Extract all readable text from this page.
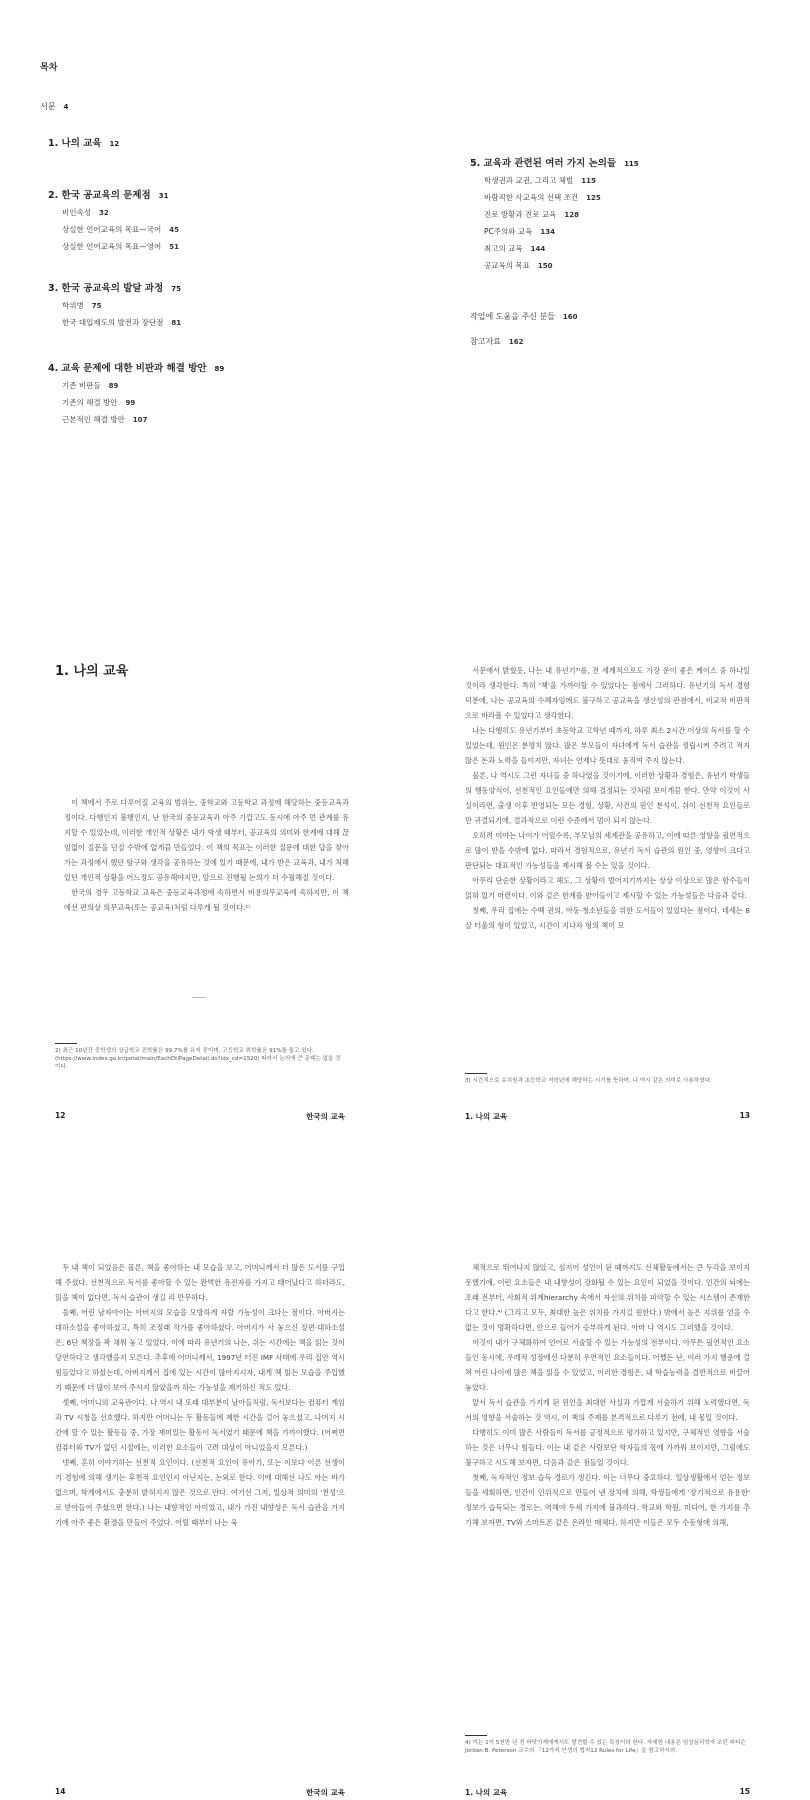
목차
서문 4
1. 나의 교육 12
2. 한국 공교육의 문제점 31
비인속성 32
상실한 언어교육의 목표—국어 45
상실한 언어교육의 목표—영어 51
3. 한국 공교육의 발달 과정 75
학위병 75
한국 대입제도의 발전과 장단점 81
4. 교육 문제에 대한 비판과 해결 방안 89
기존 비판들 89
기존의 해결 방안 99
근본적인 해결 방안 107
5. 교육과 관련된 여러 가지 논의들 115
학생권과 교권, 그리고 체벌 115
바람직한 사교육의 선택 조건 125
진로 방황과 진로 교육 128
PC주의와 교육 134
최고의 교육 144
공교육의 목표 150
작업에 도움을 주신 분들 160
참고자료 162
1. 나의 교육

이 책에서 주로 다루어질 교육의 범위는, 중학교와 고등학교 과정에 해당하는 중등교육과정이다. 다행인지 불행인지, 난 한국의 중등교육과 아주 가깝고도 동시에 아주 먼 관계를 유지할 수 있었는데, 이러한 개인적 상황은 내가 학생 때부터, 공교육의 의미와 한계에 대해 끊임없이 질문을 던질 수밖에 없게끔 만들었다. 이 책의 목표는 이러한 질문에 대한 답을 찾아가는 과정에서 했던 탐구와 생각을 공유하는 것에 있기 때문에, 내가 받은 교육과, 내가 처해 있던 개인적 상황을 어느정도 공유해야지만, 앞으로 진행될 논의가 더 수월해질 것이다.

한국의 경우 고등학교 교육은 중등교육과정에 속하면서 비용의무교육에 속하지만, 이 책에선 편의상 의무교육(또는 공교육)처럼 다루게 될 것이다.²⁾

2) 최근 10년간 중학생의 상급학교 진학률은 99.7%를 유지 중이며, 고등학교 취학률은 91%를 돌고 있다. (https://www.index.go.kr/potal/main/EachDtlPageDetail.do?idx_cd=1520) 따라서 논의에 큰 문제는 없을 것이다.
12	한국의 교육

서문에서 밝혔듯, 나는 내 유년기³⁾를, 전 세계적으로도 가장 운이 좋은 케이스 중 하나일 것이라 생각한다. 특히 '책'을 가까이할 수 있었다는 점에서 그러하다. 유년기의 독서 경험 덕분에, 나는 공교육의 수혜자임에도 불구하고 공교육을 생산성의 관점에서, 비교적 비판적으로 바라볼 수 있었다고 생각한다.

나는 다행히도 유년기부터 초등학교 고학년 때까지, 하루 최소 2시간 이상의 독서를 할 수 있었는데, 원인은 분명치 않다. 많은 부모들이 자녀에게 독서 습관을 정립시켜 주려고 적지 않은 돈과 노력을 들이지만, 자녀는 언제나 뜻대로 움직여 주지 않는다.

물론, 나 역시도 그런 자녀들 중 하나였을 것이기에, 이러한 상황과 경험은, 유년기 학생들의 행동양식이, 선천적인 요인들에만 의해 결정되는 것처럼 보이게끔 한다. 만약 이것이 사실이라면, 출생 이후 반영되는 모든 경험, 상황, 사건의 원인 분석이, 쉬이 선천적 요인들로만 귀결되기에, 결과적으로 이런 수준에서 멈이 되지 않는다.

오히려 이야는 나이가 어릴수록, 부모님의 세계관을 공유하고, 이에 따른 영향을 필연적으로 많이 받을 수밖에 없다. 따라서 경험적으로, 유년기 독서 습관의 원인 중, 영향이 크다고 판단되는 대표적인 가능성들을 제시해 볼 수는 있을 것이다.

아무리 단순한 상황이라고 해도, 그 상황이 벌어지기까지는 상상 이상으로 많은 함수들이 얽혀 있기 마련이다. 이와 같은 한계를 받아들이고 제시할 수 있는 가능성들은 다음과 같다.

첫째, 우리 집에는 수백 권의, 아동·청소년들을 위한 도서들이 있었다는 점이다. 네세는 8살 터울의 형이 있었고, 시간이 지나자 형의 책이 모

3) 시간적으로 유치원과 초등학교 저학년에 해당하는 시기를 뜻하며, 나 역시 같은 의미로 사용하였다.
1. 나의 교육	13

두 내 책이 되었음은 물론, 책을 좋아하는 내 모습을 보고, 어머니께서 더 많은 도서를 구입해 주셨다. 선천적으로 독서를 좋아할 수 있는 완벽한 유전자를 가지고 태어났다고 하더라도, 읽을 책이 없다면, 독서 습관이 생길 리 만무하다.

둘째, 어린 남자아이는 아버지의 모습을 모방하게 자랄 가능성이 크다는 점이다. 아버지는 대하소설을 좋아하셨고, 특히 조정래 작가를 좋아하셨다. 아버지가 사 놓으신 장편·대하소설은, 6단 책장을 꽉 채워 놓고 있었다. 이에 따라 유년기의 나는, 쉬는 시간에는 책을 읽는 것이 당연하다고 생각했을지 모른다. 추후에 어머니께서, 1997년 터진 IMF 사태에 우리 집안 역시 힘들었다고 하셨는데, 아버지께서 집에 있는 시간이 많아지시자, 내게 책 읽는 모습을 주입했기 때문에 더 많이 보여 주시지 않았을까 하는 가능성을 제기하신 적도 있다.

셋째, 어머니의 교육관이다. 나 역시 내 또래 대부분이 남아들처럼, 독서보다는 컴퓨터 게임과 TV 시청을 선호했다. 하지만 어머니는 두 활동들에 제한 시간을 걸어 놓으셨고, 나머지 시간에 할 수 있는 활동들 중, 가장 재미있는 활동이 독서였기 때문에 책을 가까이했다. (어쩌면 컴퓨터와 TV가 없던 시절에는, 이러한 요소들이 고려 대상이 아니었을지 모른다.)

넷째, 흔히 이야기하는 선천적 요인이다. (선천적 요인이 유아기, 또는 이보다 이른 선생이기 경험에 의해 생기는 후천적 요인인지 아닌지는, 논외로 한다. 이에 대해선 나도 아는 바가 없으며, 학계에서도 충분히 밝혀지지 않은 것으로 안다. 여기선 그저, 일상적 의미의 '천성'으로 받아들여 주셨으면 한다.) 나는 내향적인 아이였고, 내가 가진 내향성은 독서 습관을 가지기에 아주 좋은 환경을 만들어 주었다. 어릴 때부터 나는 육

14	한국의 교육

체적으로 뛰어나지 않았고, 심지어 성인이 된 때까지도 신체활동에서는 큰 두각을 보이지 못했기에, 이런 요소들은 내 내향성이 강화될 수 있는 요인이 되었을 것이다. 인간의 뇌에는 오래 전부터, 사회적 위계hierarchy 속에서 자신의 위치를 파악할 수 있는 시스템이 존재한다고 한다.⁴⁾ (그리고 모두, 최대한 높은 위치를 가지길 원한다.) 밖에서 높은 지위를 얻을 수 없는 것이 명확하다면, 안으로 들어가 승부하게 된다. 아마 나 역시도 그러했을 것이다.

이것이 내가 구체화하여 언어로 서술할 수 있는 가능성의 전부이다. 아무튼 필연적인 요소들인 동시에, 우례적 성장에선 다분히 우연적인 요소들이다. 어쨌든 난, 이러 가지 행운에 걸쳐 어린 나이에 많은 책을 읽을 수 있었고, 이러한 경험은, 내 학습능력을 결반적으로 비끌어 놓았다.

앞서 독서 습관을 가지게 된 원인을 최대한 사실과 가깝게 서술하기 위해 노력했다면, 독서의 영향을 서술하는 것 역시, 이 책의 주제를 본격적으로 다루기 전에, 내 몫일 것이다.

다행히도 이미 많은 사람들이 독서를 긍정적으로 평가하고 있지만, 구체적인 영향을 서술하는 것은 너무나 힘들다. 이는 내 같은 사람보단 학자들의 몫에 가까워 보이지만, 그럼에도 불구하고 시도해 보자면, 다음과 같은 점들일 것이다.

첫째, 독자적인 정보 습득 경로가 생긴다. 이는 너무나 중요하다. 일상생활에서 얻는 정보들을 세회하면, 인간이 인위적으로 만들어 낸 장치에 의해, 학생들에게 '장기적으로 유용한' 정보가 습득되는 경로는, 역해야 두세 가지에 불과하다. 학교와 학원, 미디어, 한 가지를 추가해 보자면, TV와 스마트폰 같은 온라인 매체다. 하지만 이들은 모두 수동형에 의해,

4) 이는 1억 5천만 년 전 바닷가재에게서도 발견할 수 있는 특징이라 한다. 자세한 내용은 임상심리학자 조던 피터슨Jordan B. Peterson 교수의 『12가지 인생의 법칙12 Rules for Life』을 참고하시라.
1. 나의 교육	15
